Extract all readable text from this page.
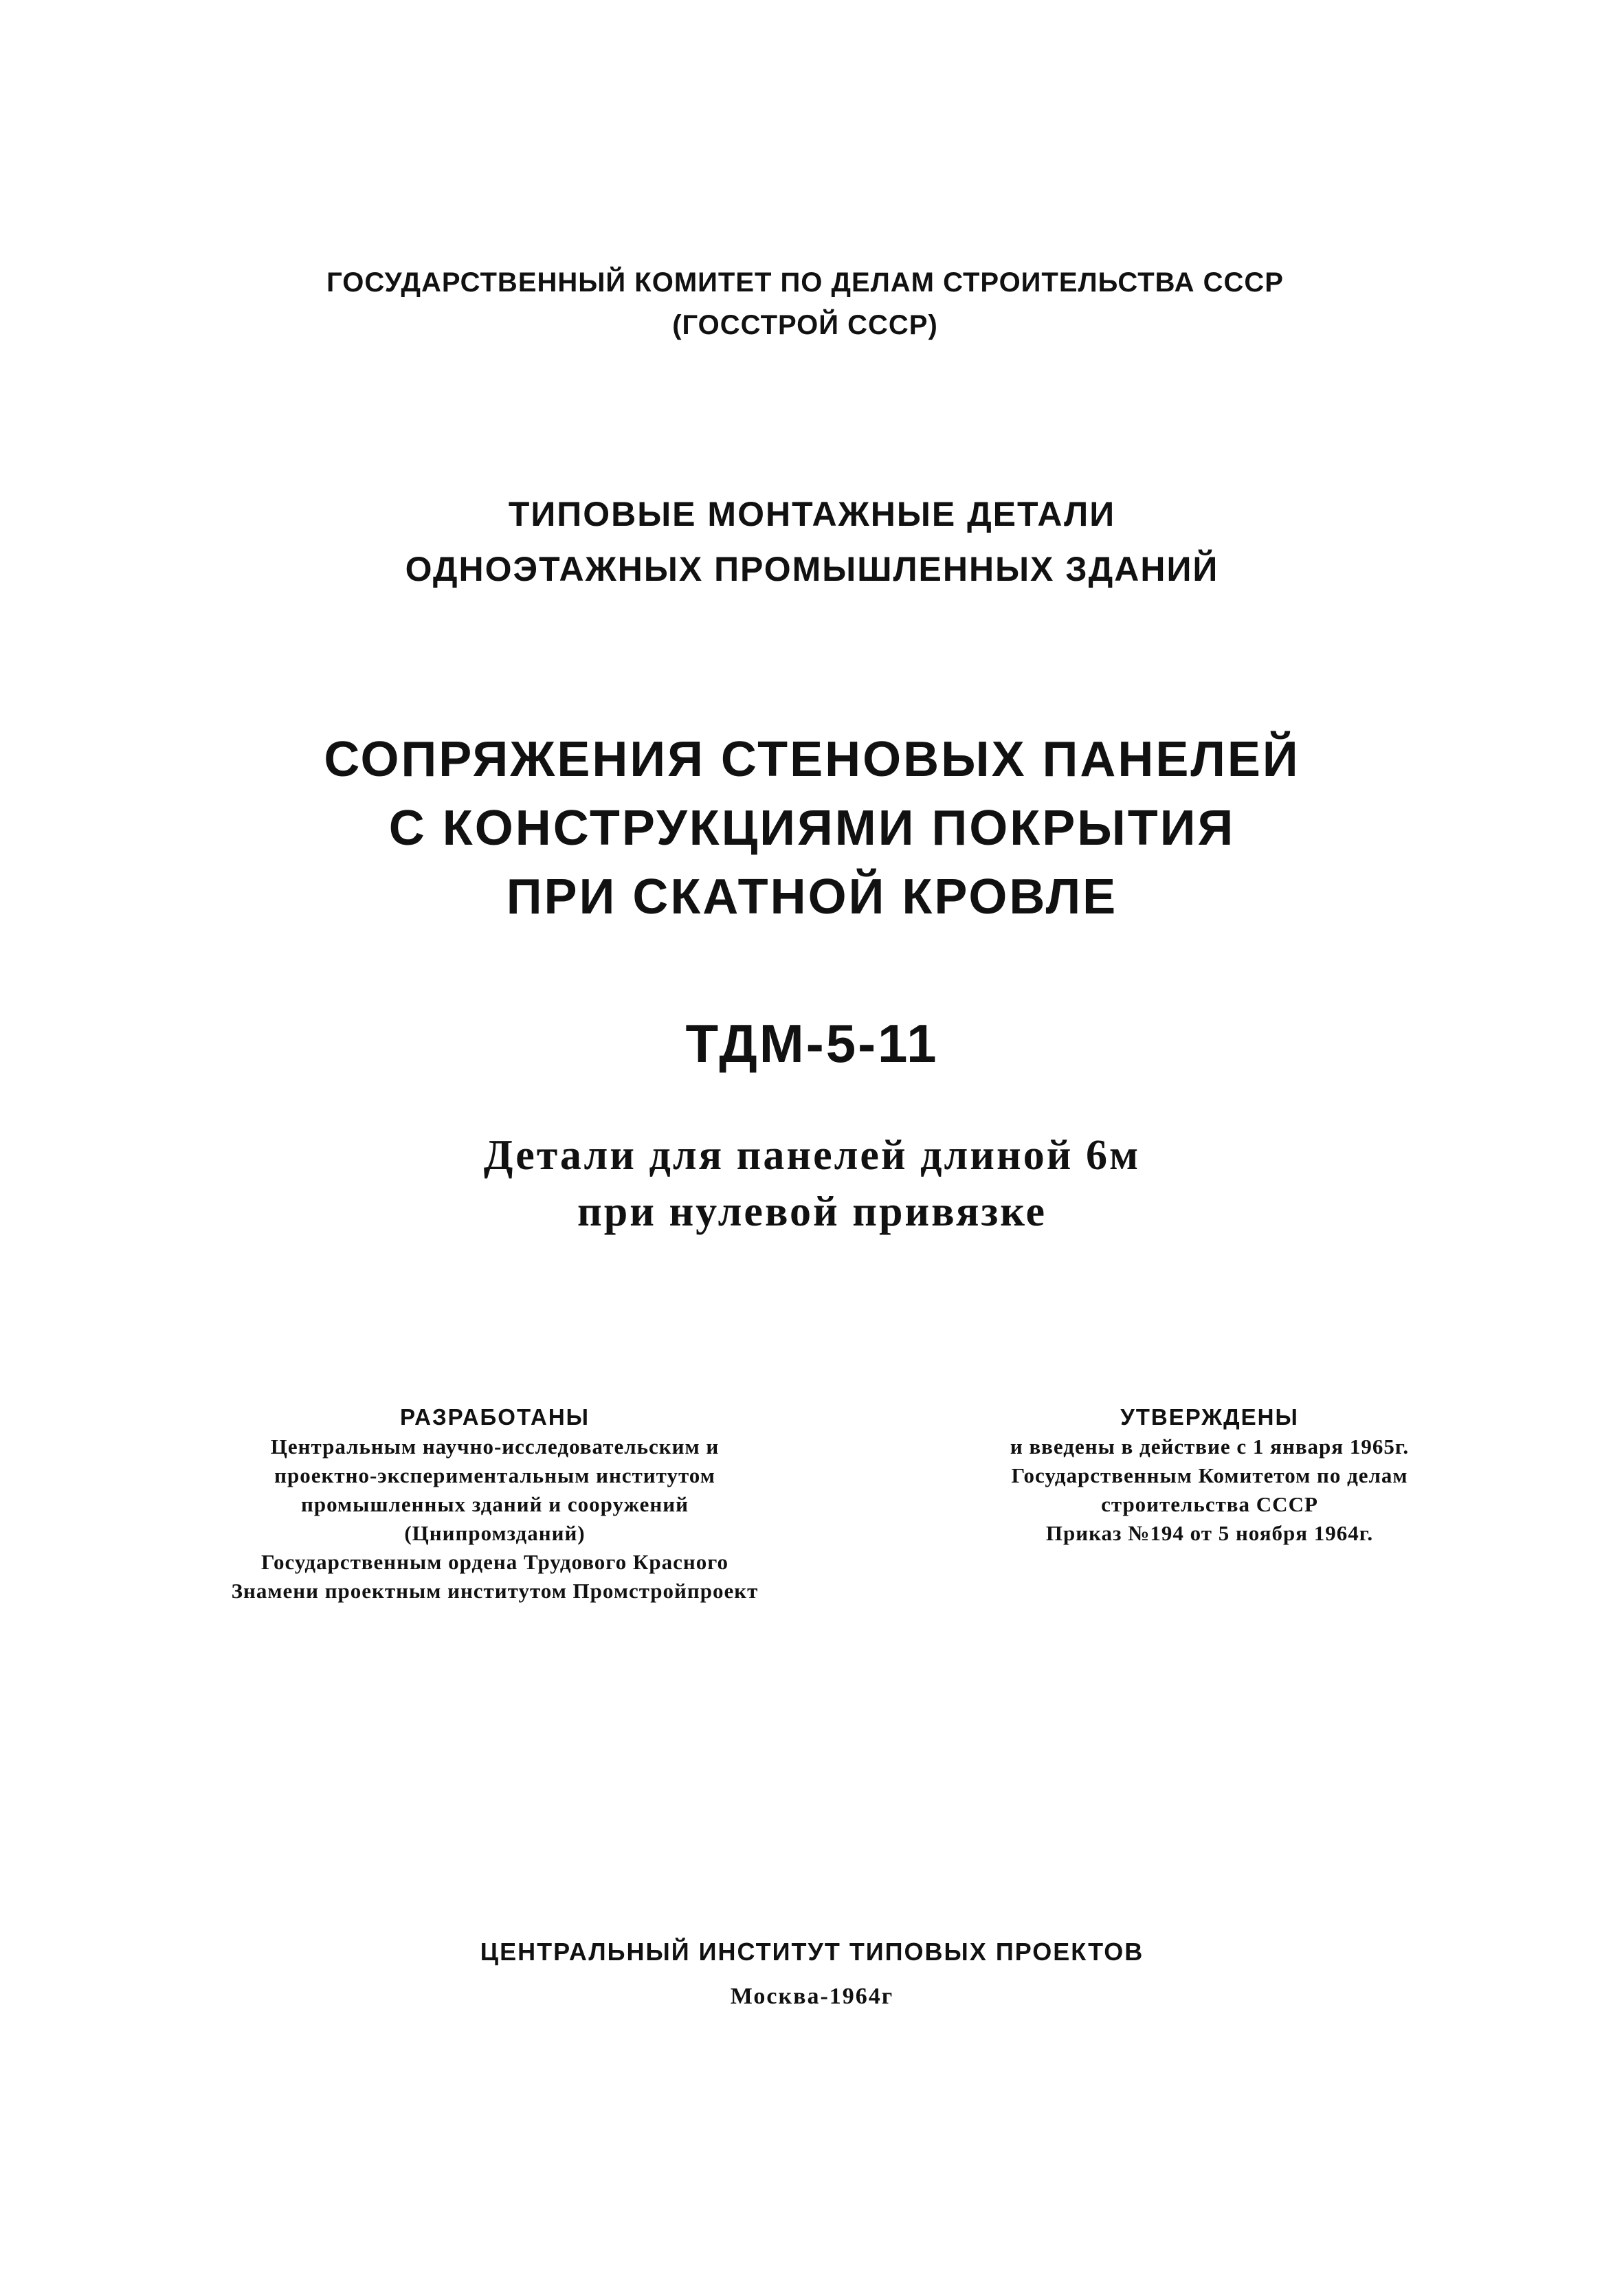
ГОСУДАРСТВЕННЫЙ КОМИТЕТ ПО ДЕЛАМ СТРОИТЕЛЬСТВА СССР
(ГОССТРОЙ СССР)
ТИПОВЫЕ МОНТАЖНЫЕ ДЕТАЛИ
ОДНОЭТАЖНЫХ ПРОМЫШЛЕННЫХ ЗДАНИЙ
СОПРЯЖЕНИЯ СТЕНОВЫХ ПАНЕЛЕЙ
С КОНСТРУКЦИЯМИ ПОКРЫТИЯ
ПРИ СКАТНОЙ КРОВЛЕ
ТДМ-5-11
Детали для панелей длиной 6м
при нулевой привязке
РАЗРАБОТАНЫ
Центральным научно-исследовательским и
проектно-экспериментальным институтом
промышленных зданий и сооружений
(Цнипромзданий)
Государственным ордена Трудового Красного
Знамени проектным институтом Промстройпроект
УТВЕРЖДЕНЫ
и введены в действие с 1 января 1965г.
Государственным Комитетом по делам
строительства СССР
Приказ №194 от 5 ноября 1964г.
ЦЕНТРАЛЬНЫЙ ИНСТИТУТ ТИПОВЫХ ПРОЕКТОВ
Москва-1964г
